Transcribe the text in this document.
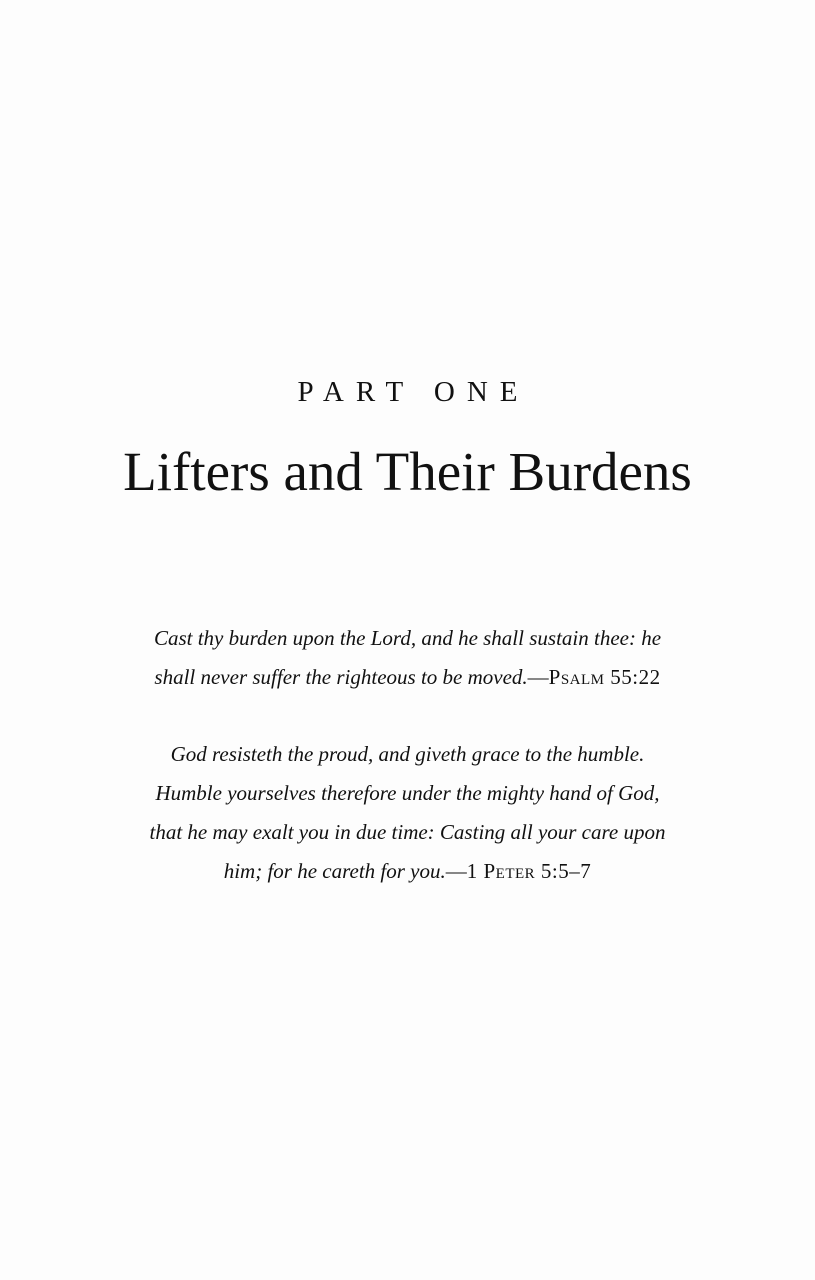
PART ONE
Lifters and Their Burdens
Cast thy burden upon the Lord, and he shall sustain thee: he
shall never suffer the righteous to be moved.—Psalm 55:22
God resisteth the proud, and giveth grace to the humble.
Humble yourselves therefore under the mighty hand of God,
that he may exalt you in due time: Casting all your care upon
him; for he careth for you.—1 Peter 5:5–7
